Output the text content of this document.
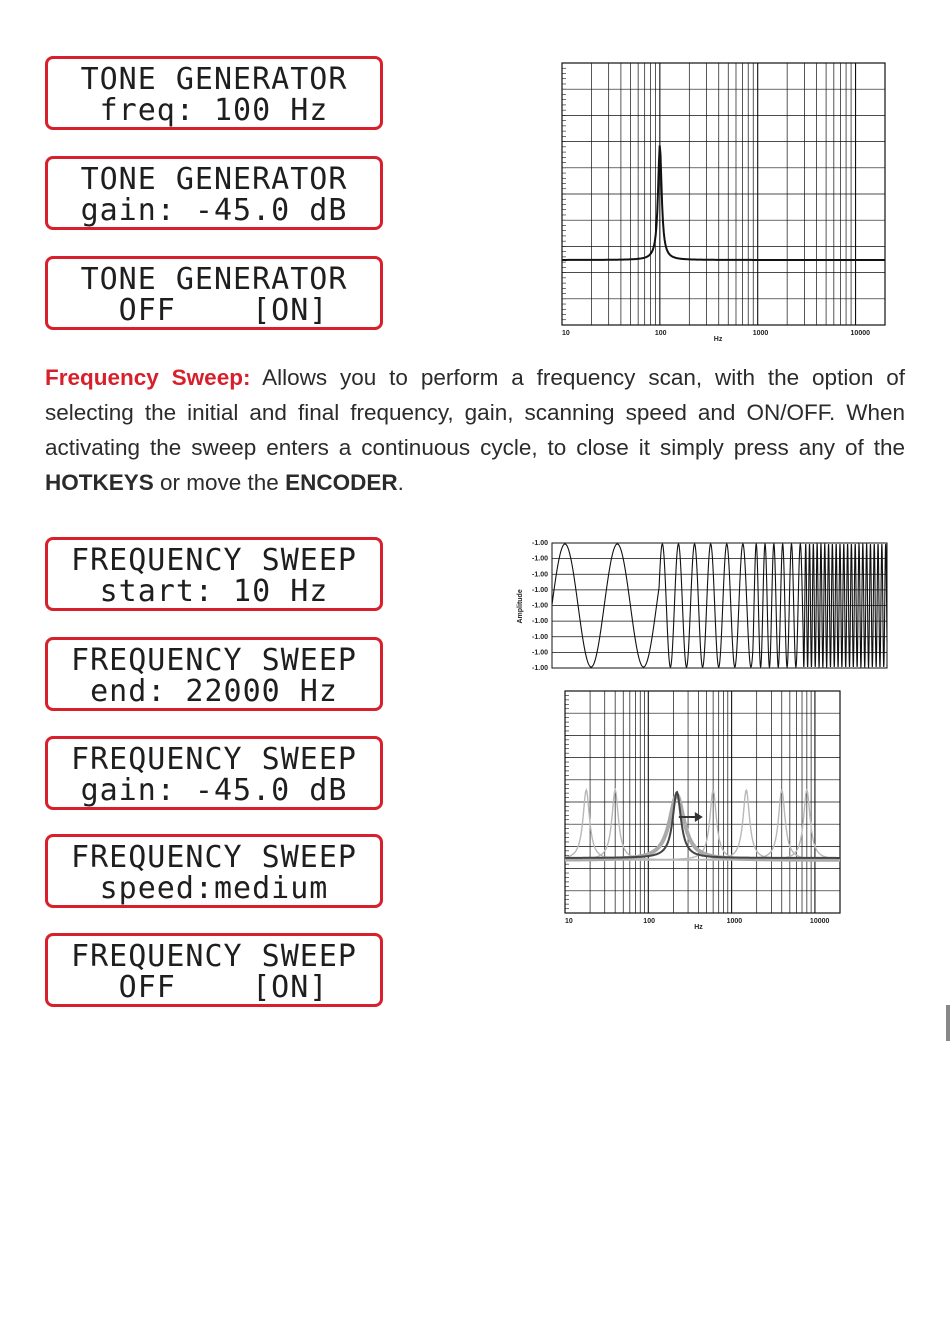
TONE GENERATOR
freq: 100 Hz
TONE GENERATOR
gain: -45.0 dB
TONE GENERATOR
OFF    [ON]
10	100	1000	10000
Hz
Frequency Sweep: Allows you to perform a frequency scan, with the option of selecting the initial and final frequency, gain, scanning speed and ON/OFF. When activating the sweep enters a continuous cycle, to close it simply press any of the HOTKEYS or move the ENCODER.
FREQUENCY SWEEP
start: 10 Hz
FREQUENCY SWEEP
end: 22000 Hz
FREQUENCY SWEEP
gain: -45.0 dB
FREQUENCY SWEEP
speed:medium
FREQUENCY SWEEP
OFF    [ON]
-1.00
-1.00
-1.00
-1.00
-1.00
-1.00
-1.00
-1.00
-1.00
Amplitude
10	100	1000	10000
Hz
